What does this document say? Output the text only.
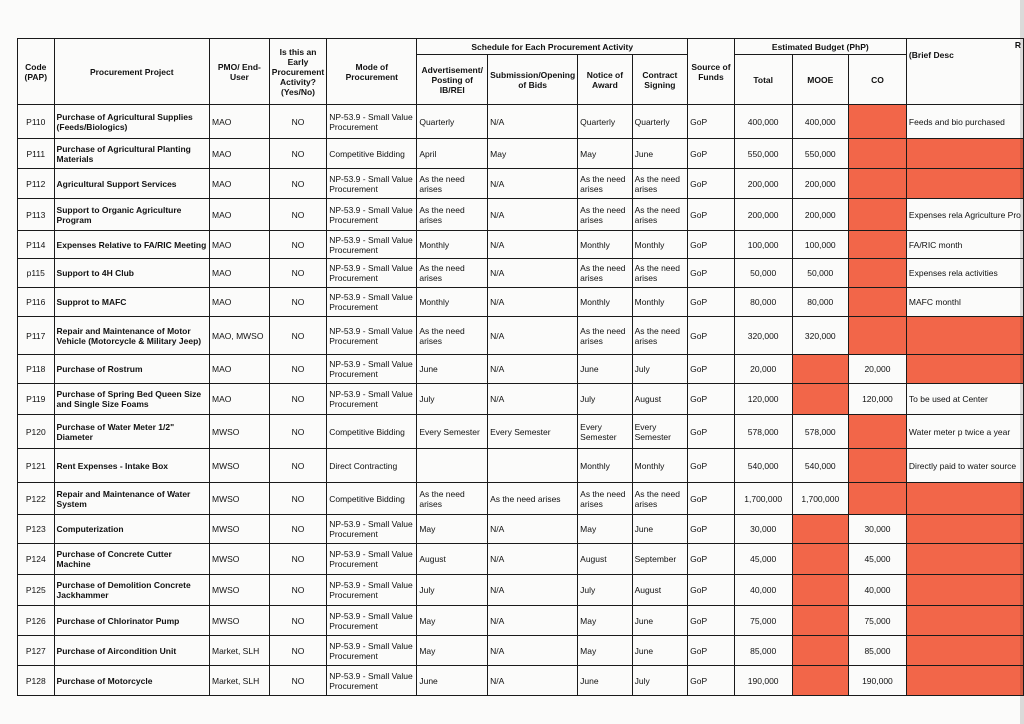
Code (PAP)	Procurement Project	PMO/ End-User	Is this an Early Procurement Activity? (Yes/No)	Mode of Procurement	Schedule for Each Procurement Activity				Source of Funds	Estimated Budget (PhP)			R
(Brief Desc

					Advertisement/ Posting of IB/REI	Submission/Opening of Bids	Notice of Award	Contract Signing		Total	MOOE	CO	
P110	Purchase of Agricultural Supplies (Feeds/Biologics)	MAO	NO	NP-53.9 - Small Value Procurement	Quarterly	N/A	Quarterly	Quarterly	GoP	400,000	400,000		Feeds and bio purchased
P111	Purchase of Agricultural Planting Materials	MAO	NO	Competitive Bidding	April	May	May	June	GoP	550,000	550,000		
P112	Agricultural Support Services	MAO	NO	NP-53.9 - Small Value Procurement	As the need arises	N/A	As the need arises	As the need arises	GoP	200,000	200,000		
P113	Support to Organic Agriculture Program	MAO	NO	NP-53.9 - Small Value Procurement	As the need arises	N/A	As the need arises	As the need arises	GoP	200,000	200,000		Expenses rela Agriculture Pro
P114	Expenses Relative to FA/RIC Meeting	MAO	NO	NP-53.9 - Small Value Procurement	Monthly	N/A	Monthly	Monthly	GoP	100,000	100,000		FA/RIC month
p115	Support to 4H Club	MAO	NO	NP-53.9 - Small Value Procurement	As the need arises	N/A	As the need arises	As the need arises	GoP	50,000	50,000		Expenses rela activities
P116	Supprot to MAFC	MAO	NO	NP-53.9 - Small Value Procurement	Monthly	N/A	Monthly	Monthly	GoP	80,000	80,000		MAFC monthl
P117	Repair and Maintenance of Motor Vehicle (Motorcycle & Military Jeep)	MAO, MWSO	NO	NP-53.9 - Small Value Procurement	As the need arises	N/A	As the need arises	As the need arises	GoP	320,000	320,000		
P118	Purchase of Rostrum	MAO	NO	NP-53.9 - Small Value Procurement	June	N/A	June	July	GoP	20,000		20,000	
P119	Purchase of Spring Bed Queen Size and Single Size Foams	MAO	NO	NP-53.9 - Small Value Procurement	July	N/A	July	August	GoP	120,000		120,000	To be used at Center
P120	Purchase of Water Meter 1/2" Diameter	MWSO	NO	Competitive Bidding	Every Semester	Every Semester	Every Semester	Every Semester	GoP	578,000	578,000		Water meter p twice a year
P121	Rent Expenses - Intake Box	MWSO	NO	Direct Contracting			Monthly	Monthly	GoP	540,000	540,000		Directly paid to water source
P122	Repair and Maintenance of Water System	MWSO	NO	Competitive Bidding	As the need arises	As the need arises	As the need arises	As the need arises	GoP	1,700,000	1,700,000		
P123	Computerization	MWSO	NO	NP-53.9 - Small Value Procurement	May	N/A	May	June	GoP	30,000		30,000	
P124	Purchase of Concrete Cutter Machine	MWSO	NO	NP-53.9 - Small Value Procurement	August	N/A	August	September	GoP	45,000		45,000	
P125	Purchase of Demolition Concrete Jackhammer	MWSO	NO	NP-53.9 - Small Value Procurement	July	N/A	July	August	GoP	40,000		40,000	
P126	Purchase of Chlorinator Pump	MWSO	NO	NP-53.9 - Small Value Procurement	May	N/A	May	June	GoP	75,000		75,000	
P127	Purchase of Aircondition Unit	Market, SLH	NO	NP-53.9 - Small Value Procurement	May	N/A	May	June	GoP	85,000		85,000	
P128	Purchase of Motorcycle	Market, SLH	NO	NP-53.9 - Small Value Procurement	June	N/A	June	July	GoP	190,000		190,000	
